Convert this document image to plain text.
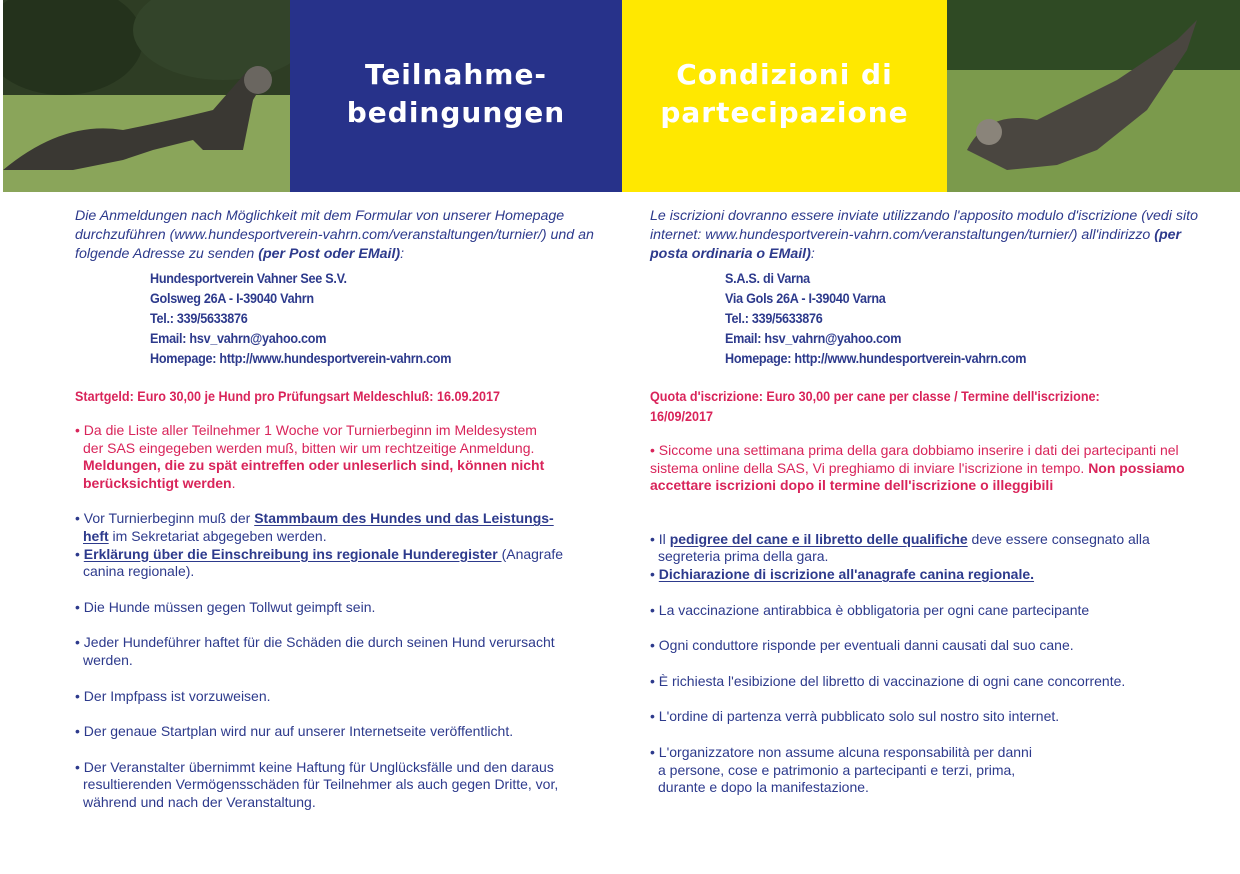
Teilnahme-
bedingungen
Condizioni di
partecipazione

Die Anmeldungen nach Möglichkeit mit dem Formular von unserer Homepage durchzuführen (www.hundesportverein-vahrn.com/veranstaltungen/turnier/) und an folgende Adresse zu senden (per Post oder EMail):

Hundesportverein Vahner See S.V.
Golsweg 26A - I-39040 Vahrn
Tel.: 339/5633876
Email: hsv_vahrn@yahoo.com
Homepage: http://www.hundesportverein-vahrn.com
Startgeld: Euro 30,00 je Hund pro Prüfungsart Meldeschluß: 16.09.2017
• Da die Liste aller Teilnehmer 1 Woche vor Turnierbeginn im Meldesystem
der SAS eingegeben werden muß, bitten wir um rechtzeitige Anmeldung.
Meldungen, die zu spät eintreffen oder unleserlich sind, können nicht
berücksichtigt werden.
• Vor Turnierbeginn muß der Stammbaum des Hundes und das Leistungs-
heft im Sekretariat abgegeben werden.
• Erklärung über die Einschreibung ins regionale Hunderegister (Anagrafe
canina regionale).
• Die Hunde müssen gegen Tollwut geimpft sein.
• Jeder Hundeführer haftet für die Schäden die durch seinen Hund verursacht
werden.
• Der Impfpass ist vorzuweisen.
• Der genaue Startplan wird nur auf unserer Internetseite veröffentlicht.
• Der Veranstalter übernimmt keine Haftung für Unglücksfälle und den daraus
resultierenden Vermögensschäden für Teilnehmer als auch gegen Dritte, vor,
während und nach der Veranstaltung.

Le iscrizioni dovranno essere inviate utilizzando l'apposito modulo d'iscrizione (vedi sito internet: www.hundesportverein-vahrn.com/veranstaltungen/turnier/) all'indirizzo (per posta ordinaria o EMail):

S.A.S. di Varna
Via Gols 26A - I-39040 Varna
Tel.: 339/5633876
Email: hsv_vahrn@yahoo.com
Homepage: http://www.hundesportverein-vahrn.com
Quota d'iscrizione: Euro 30,00 per cane per classe / Termine dell'iscrizione:
16/09/2017
• Siccome una settimana prima della gara dobbiamo inserire i dati dei partecipanti nel sistema online della SAS, Vi preghiamo di inviare l'iscrizione in tempo. Non possiamo accettare iscrizioni dopo il termine dell'iscrizione o illeggibili
• Il pedigree del cane e il libretto delle qualifiche deve essere consegnato alla
segreteria prima della gara.
• Dichiarazione di iscrizione all'anagrafe canina regionale.
• La vaccinazione antirabbica è obbligatoria per ogni cane partecipante
• Ogni conduttore risponde per eventuali danni causati dal suo cane.
• È richiesta l'esibizione del libretto di vaccinazione di ogni cane concorrente.
• L'ordine di partenza verrà pubblicato solo sul nostro sito internet.
• L'organizzatore non assume alcuna responsabilità per danni
a persone, cose e patrimonio a partecipanti e terzi, prima,
durante e dopo la manifestazione.
